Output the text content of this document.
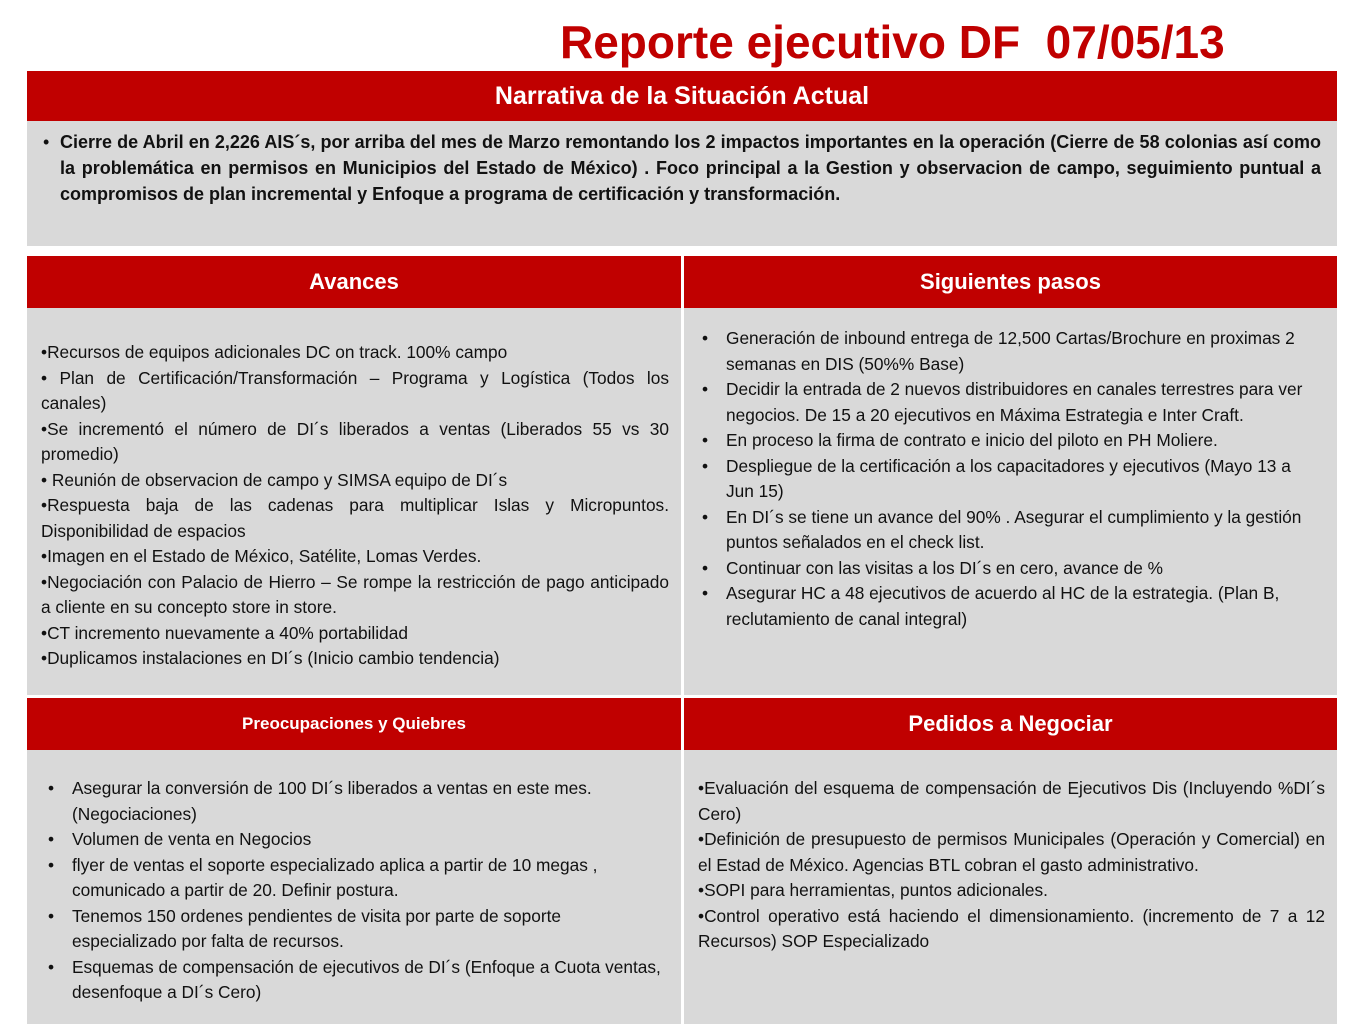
Reporte ejecutivo DF  07/05/13
Narrativa de la Situación Actual
• Cierre de Abril en 2,226 AIS´s, por arriba del mes de Marzo remontando los 2 impactos importantes en la operación (Cierre de 58 colonias así como la problemática en permisos en Municipios del Estado de México) . Foco principal a la Gestion y observacion de campo, seguimiento puntual a compromisos de plan incremental y Enfoque a programa de certificación y transformación.
Avances	Siguientes pasos
• Recursos de equipos adicionales DC on track. 100% campo
• Plan de Certificación/Transformación – Programa y Logística (Todos los canales)
• Se incrementó el número de DI´s liberados a ventas (Liberados 55 vs 30 promedio)
• Reunión de observacion de campo y SIMSA equipo de DI´s
• Respuesta baja de las cadenas para multiplicar Islas y Micropuntos. Disponibilidad de espacios
• Imagen en el Estado de México, Satélite, Lomas Verdes.
• Negociación con Palacio de Hierro – Se rompe la restricción de pago anticipado a cliente en su concepto store in store.
• CT incremento nuevamente a 40% portabilidad
• Duplicamos instalaciones en DI´s (Inicio cambio tendencia)
• Generación de inbound entrega de 12,500 Cartas/Brochure en proximas 2 semanas en DIS (50%% Base)
• Decidir la entrada de 2 nuevos distribuidores en canales terrestres para ver negocios. De 15 a 20 ejecutivos en Máxima Estrategia e Inter Craft.
• En proceso la firma de contrato e inicio del piloto en PH Moliere.
• Despliegue de la certificación a los capacitadores y ejecutivos (Mayo 13 a Jun 15)
• En DI´s se tiene un avance del 90% . Asegurar el cumplimiento y la gestión puntos señalados en el check list.
• Continuar con las visitas a los DI´s en cero, avance de %
• Asegurar HC a 48 ejecutivos de acuerdo al HC de la estrategia. (Plan B, reclutamiento de canal integral)
Preocupaciones y Quiebres	Pedidos a Negociar
• Asegurar la conversión de 100 DI´s liberados a ventas en este mes. (Negociaciones)
• Volumen de venta en Negocios
• flyer de ventas el soporte especializado aplica a partir de 10 megas , comunicado a partir de 20. Definir postura.
• Tenemos 150 ordenes pendientes de visita por parte de soporte especializado por falta de recursos.
• Esquemas de compensación de ejecutivos de DI´s (Enfoque a Cuota ventas, desenfoque a DI´s Cero)
• Evaluación del esquema de compensación de Ejecutivos Dis (Incluyendo %DI´s Cero)
• Definición de presupuesto de permisos Municipales (Operación y Comercial) en el Estad de México. Agencias BTL cobran el gasto administrativo.
• SOPI para herramientas, puntos adicionales.
• Control operativo está haciendo el dimensionamiento. (incremento de 7 a 12 Recursos) SOP Especializado
